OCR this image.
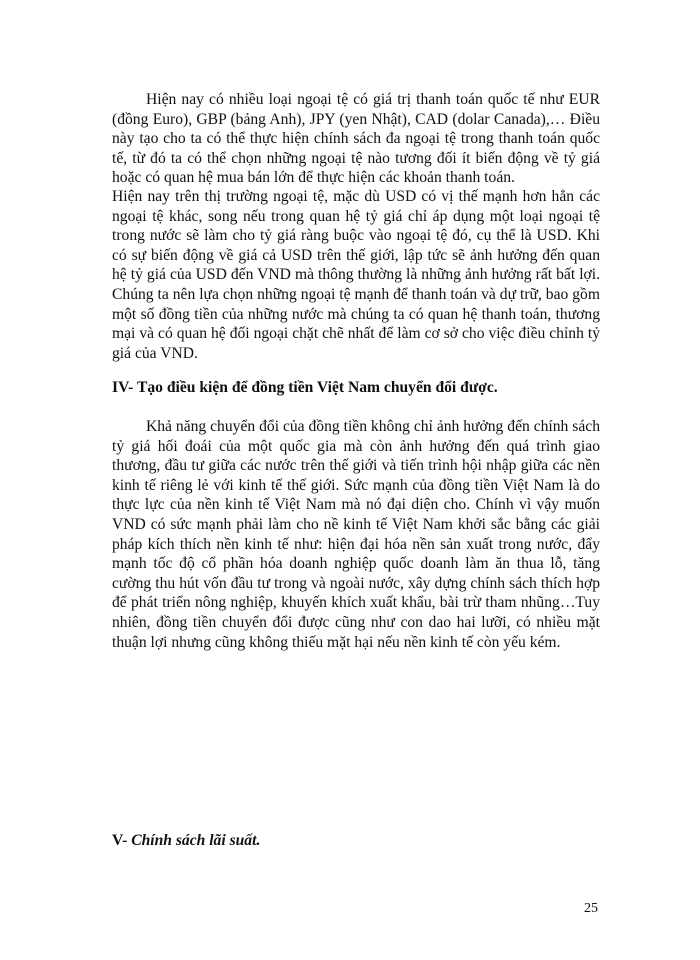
Hiện nay có nhiều loại ngoại tệ có giá trị thanh toán quốc tế như EUR (đồng Euro), GBP (bảng Anh), JPY (yen Nhật), CAD (dolar Canada),… Điều này tạo cho ta có thể thực hiện chính sách đa ngoại tệ trong thanh toán quốc tế, từ đó ta có thể chọn những ngoại tệ nào tương đối ít biến động về tỷ giá hoặc có quan hệ mua bán lớn để thực hiện các khoản thanh toán.

Hiện nay trên thị trường ngoại tệ, mặc dù USD có vị thế mạnh hơn hẳn các ngoại tệ khác, song nếu trong quan hệ tỷ giá chỉ áp dụng một loại ngoại tệ trong nước sẽ làm cho tỷ giá ràng buộc vào ngoại tệ đó, cụ thể là USD. Khi có sự biến động về giá cả USD trên thế giới, lập tức sẽ ảnh hưởng đến quan hệ tỷ giá của USD đến VND mà thông thường là những ảnh hưởng rất bất lợi. Chúng ta nên lựa chọn những ngoại tệ mạnh để thanh toán và dự trữ, bao gồm một số đồng tiền của những nước mà chúng ta có quan hệ thanh toán, thương mại và có quan hệ đối ngoại chặt chẽ nhất để làm cơ sở cho việc điều chỉnh tỷ giá của VND.

IV- Tạo điều kiện để đồng tiền Việt Nam chuyển đổi được.

Khả năng chuyển đổi của đồng tiền không chỉ ảnh hưởng đến chính sách tỷ giá hối đoái của một quốc gia mà còn ảnh hưởng đến quá trình giao thương, đầu tư giữa các nước trên thế giới và tiến trình hội nhập giữa các nền kinh tế riêng lẻ với kinh tế thế giới. Sức mạnh của đồng tiền Việt Nam là do thực lực của nền kinh tế Việt Nam mà nó đại diện cho. Chính vì vậy muốn VND có sức mạnh phải làm cho nề kinh tế Việt Nam khởi sắc bằng các giải pháp kích thích nền kinh tế như: hiện đại hóa nền sản xuất trong nước, đẩy mạnh tốc độ cổ phần hóa doanh nghiệp quốc doanh làm ăn thua lỗ, tăng cường thu hút vốn đầu tư trong và ngoài nước, xây dựng chính sách thích hợp để phát triển nông nghiệp, khuyến khích xuất khẩu, bài trừ tham nhũng…Tuy nhiên, đồng tiền chuyển đổi được cũng như con dao hai lưỡi, có nhiều mặt thuận lợi nhưng cũng không thiếu mặt hại nếu nền kinh tế còn yếu kém.

V- Chính sách lãi suất.
25
